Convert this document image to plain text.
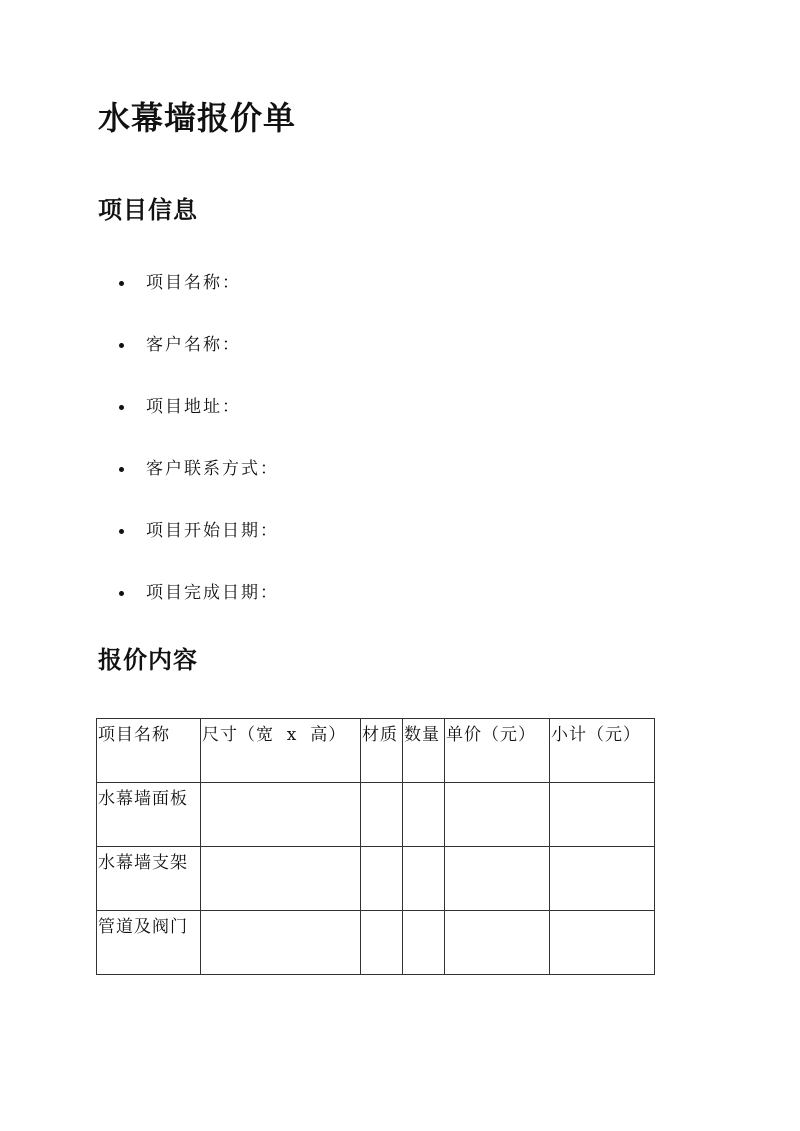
水幕墙报价单
项目信息
项目名称：
客户名称：
项目地址：
客户联系方式：
项目开始日期：
项目完成日期：
报价内容
项目名称	尺寸（宽  x  高）	材质	数量	单价（元）	小计（元）
水幕墙面板					
水幕墙支架					
管道及阀门					
